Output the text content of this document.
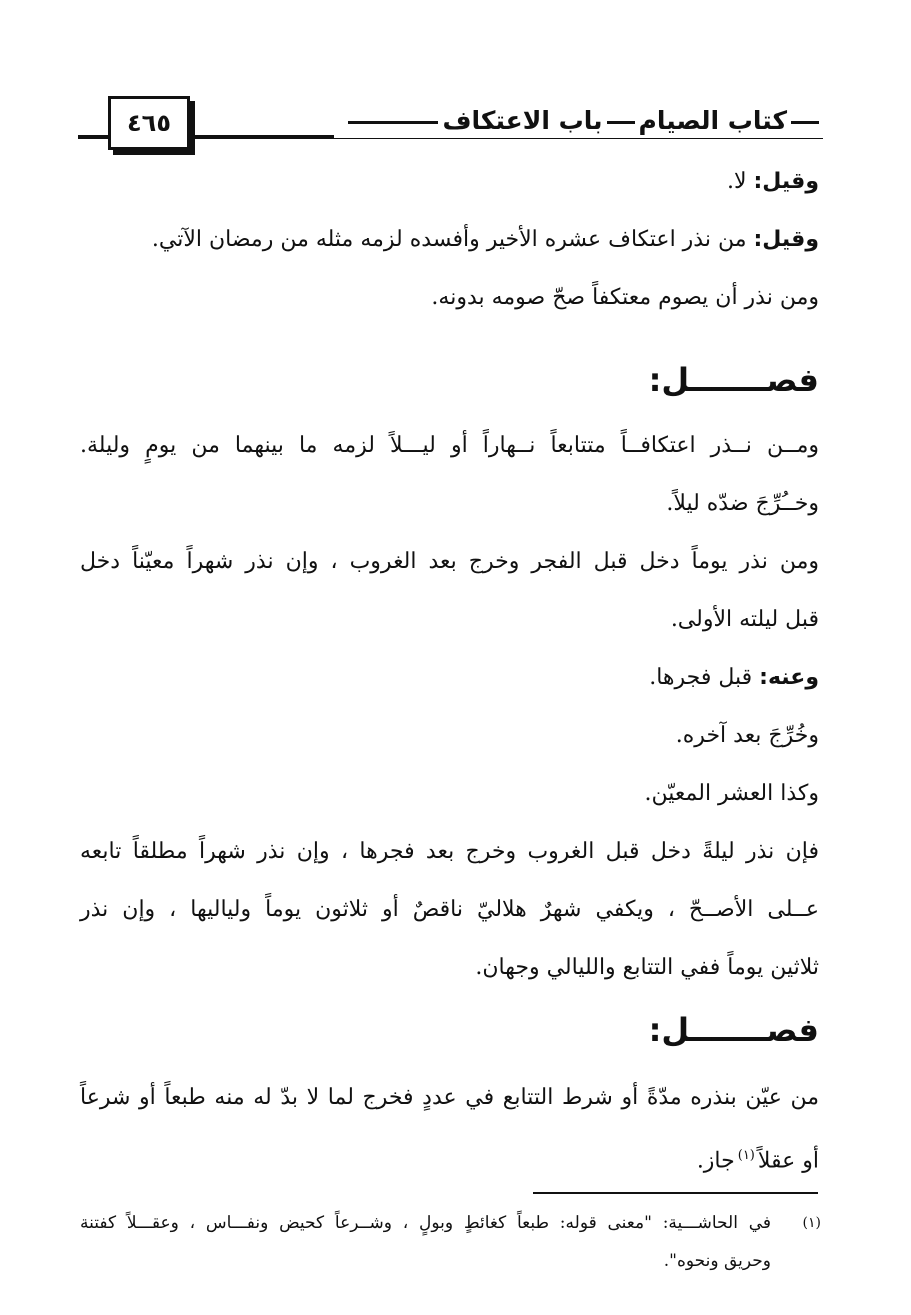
٤٦٥	كتاب الصيامباب الاعتكاف
وقيل: لا.
وقيل: من نذر اعتكاف عشره الأخير وأفسده لزمه مثله من رمضان الآتي.
ومن نذر أن يصوم معتكفاً صحّ صومه بدونه.
فصـــــــل:
ومــن نــذر اعتكافــاً متتابعاً نــهاراً أو ليـــلاً لزمه ما بينهما من يومٍ وليلة.
وخــُرِّجَ ضدّه ليلاً.
ومن نذر يوماً دخل قبل الفجر وخرج بعد الغروب ، وإن نذر شهراً معيّناً دخل
قبل ليلته الأولى.
وعنه: قبل فجرها.
وخُرِّجَ بعد آخره.
وكذا العشر المعيّن.
فإن نذر ليلةً دخل قبل الغروب وخرج بعد فجرها ، وإن نذر شهراً مطلقاً تابعه
عــلى الأصــحّ ، ويكفي شهرٌ هلاليّ ناقصٌ أو ثلاثون يوماً ولياليها ، وإن نذر
ثلاثين يوماً ففي التتابع والليالي وجهان.
فصـــــــل:
من عيّن بنذره مدّةً أو شرط التتابع في عددٍ فخرج لما لا بدّ له منه طبعاً أو شرعاً
أو عقلاً$^{(١)}$جاز.
(١)
في الحاشـــية: "معنى قوله: طبعاً كغائطٍ وبولٍ ، وشــرعاً كحيض ونفـــاس ، وعقـــلاً كفتنة
وحريق ونحوه".
